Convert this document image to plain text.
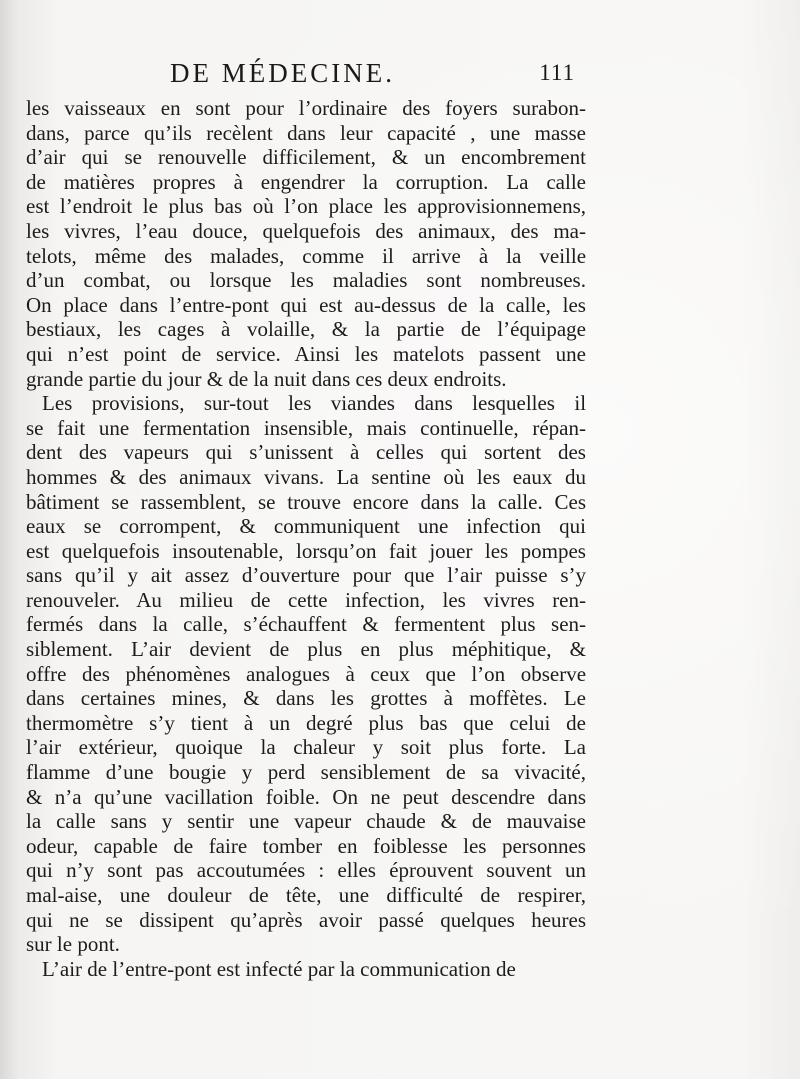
DE MÉDECINE.	111
les vaisseaux en sont pour l’ordinaire des foyers surabon-
dans, parce qu’ils recèlent dans leur capacité , une masse
d’air qui se renouvelle difficilement, & un encombrement
de matières propres à engendrer la corruption. La calle
est l’endroit le plus bas où l’on place les approvisionnemens,
les vivres, l’eau douce, quelquefois des animaux, des ma-
telots, même des malades, comme il arrive à la veille
d’un combat, ou lorsque les maladies sont nombreuses.
On place dans l’entre-pont qui est au-dessus de la calle, les
bestiaux, les cages à volaille, & la partie de l’équipage
qui n’est point de service. Ainsi les matelots passent une
grande partie du jour & de la nuit dans ces deux endroits.
Les provisions, sur-tout les viandes dans lesquelles il
se fait une fermentation insensible, mais continuelle, répan-
dent des vapeurs qui s’unissent à celles qui sortent des
hommes & des animaux vivans. La sentine où les eaux du
bâtiment se rassemblent, se trouve encore dans la calle. Ces
eaux se corrompent, & communiquent une infection qui
est quelquefois insoutenable, lorsqu’on fait jouer les pompes
sans qu’il y ait assez d’ouverture pour que l’air puisse s’y
renouveler. Au milieu de cette infection, les vivres ren-
fermés dans la calle, s’échauffent & fermentent plus sen-
siblement. L’air devient de plus en plus méphitique, &
offre des phénomènes analogues à ceux que l’on observe
dans certaines mines, & dans les grottes à moffètes. Le
thermomètre s’y tient à un degré plus bas que celui de
l’air extérieur, quoique la chaleur y soit plus forte. La
flamme d’une bougie y perd sensiblement de sa vivacité,
& n’a qu’une vacillation foible. On ne peut descendre dans
la calle sans y sentir une vapeur chaude & de mauvaise
odeur, capable de faire tomber en foiblesse les personnes
qui n’y sont pas accoutumées : elles éprouvent souvent un
mal-aise, une douleur de tête, une difficulté de respirer,
qui ne se dissipent qu’après avoir passé quelques heures
sur le pont.
L’air de l’entre-pont est infecté par la communication de
